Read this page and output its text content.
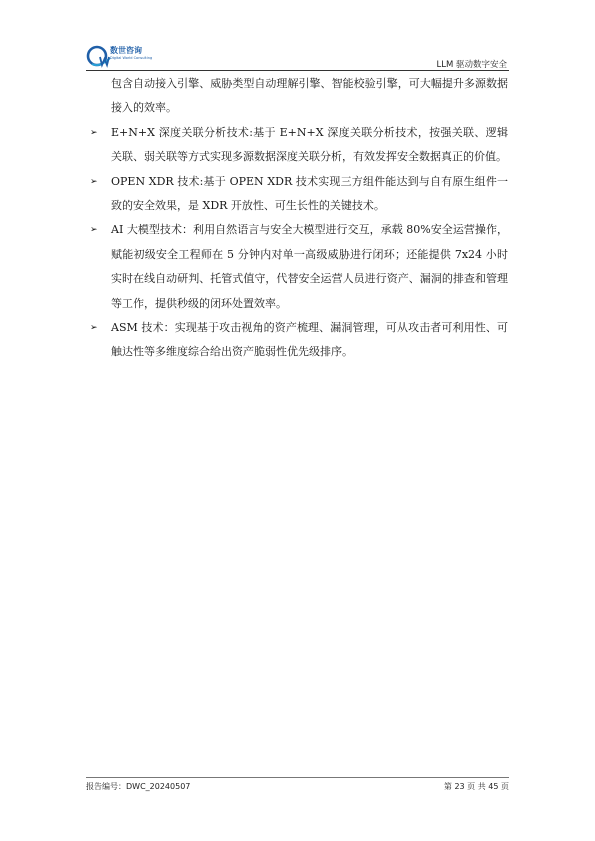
数世咨询
Digital World Consulting
LLM 驱动数字安全
包含自动接入引擎、威胁类型自动理解引擎、智能校验引擎，可大幅提升多源数据接入的效率。
➢ E+N+X 深度关联分析技术:基于 E+N+X 深度关联分析技术，按强关联、逻辑关联、弱关联等方式实现多源数据深度关联分析，有效发挥安全数据真正的价值。
➢ OPEN XDR 技术:基于 OPEN XDR 技术实现三方组件能达到与自有原生组件一致的安全效果，是 XDR 开放性、可生长性的关键技术。
➢ AI 大模型技术：利用自然语言与安全大模型进行交互，承载 80%安全运营操作，赋能初级安全工程师在 5 分钟内对单一高级威胁进行闭环；还能提供 7x24 小时实时在线自动研判、托管式值守，代替安全运营人员进行资产、漏洞的排查和管理等工作，提供秒级的闭环处置效率。
➢ ASM 技术：实现基于攻击视角的资产梳理、漏洞管理，可从攻击者可利用性、可触达性等多维度综合给出资产脆弱性优先级排序。
报告编号：DWC_20240507	第 23 页 共 45 页
